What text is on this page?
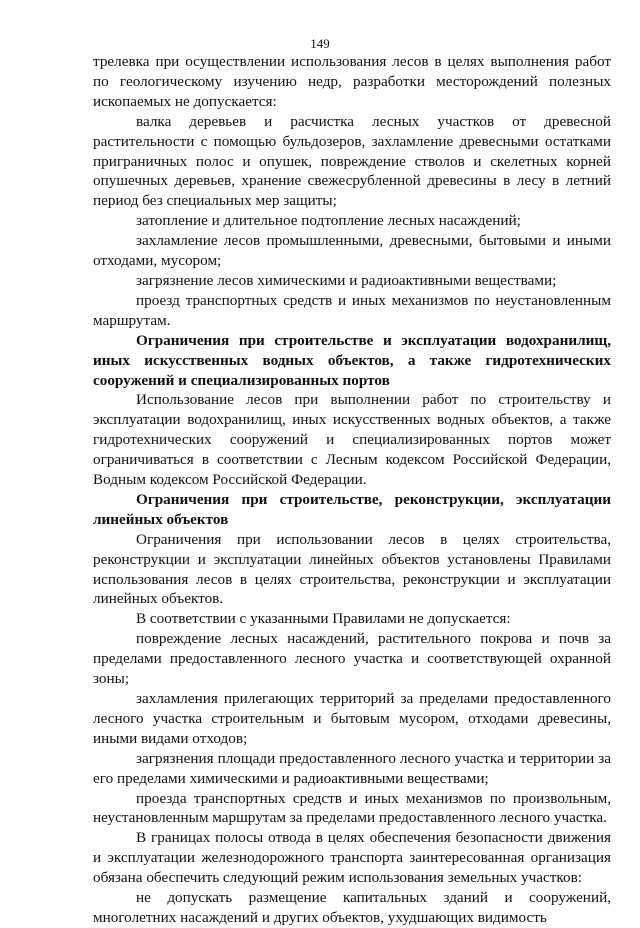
149

трелевка при осуществлении использования лесов в целях выполнения работ по геологическому изучению недр, разработки месторождений полезных ископаемых не допускается:

валка деревьев и расчистка лесных участков от древесной растительности с помощью бульдозеров, захламление древесными остатками приграничных полос и опушек, повреждение стволов и скелетных корней опушечных деревьев, хранение свежесрубленной древесины в лесу в летний период без специальных мер защиты;

затопление и длительное подтопление лесных насаждений;

захламление лесов промышленными, древесными, бытовыми и иными отходами, мусором;

загрязнение лесов химическими и радиоактивными веществами;

проезд транспортных средств и иных механизмов по неустановленным маршрутам.

Ограничения при строительстве и эксплуатации водохранилищ, иных искусственных водных объектов, а также гидротехнических сооружений и специализированных портов

Использование лесов при выполнении работ по строительству и эксплуатации водохранилищ, иных искусственных водных объектов, а также гидротехнических сооружений и специализированных портов может ограничиваться в соответствии с Лесным кодексом Российской Федерации, Водным кодексом Российской Федерации.

Ограничения при строительстве, реконструкции, эксплуатации линейных объектов

Ограничения при использовании лесов в целях строительства, реконструкции и эксплуатации линейных объектов установлены Правилами использования лесов в целях строительства, реконструкции и эксплуатации линейных объектов.

В соответствии с указанными Правилами не допускается:

повреждение лесных насаждений, растительного покрова и почв за пределами предоставленного лесного участка и соответствующей охранной зоны;

захламления прилегающих территорий за пределами предоставленного лесного участка строительным и бытовым мусором, отходами древесины, иными видами отходов;

загрязнения площади предоставленного лесного участка и территории за его пределами химическими и радиоактивными веществами;

проезда транспортных средств и иных механизмов по произвольным, неустановленным маршрутам за пределами предоставленного лесного участка.

В границах полосы отвода в целях обеспечения безопасности движения и эксплуатации железнодорожного транспорта заинтересованная организация обязана обеспечить следующий режим использования земельных участков:

не допускать размещение капитальных зданий и сооружений, многолетних насаждений и других объектов, ухудшающих видимость
